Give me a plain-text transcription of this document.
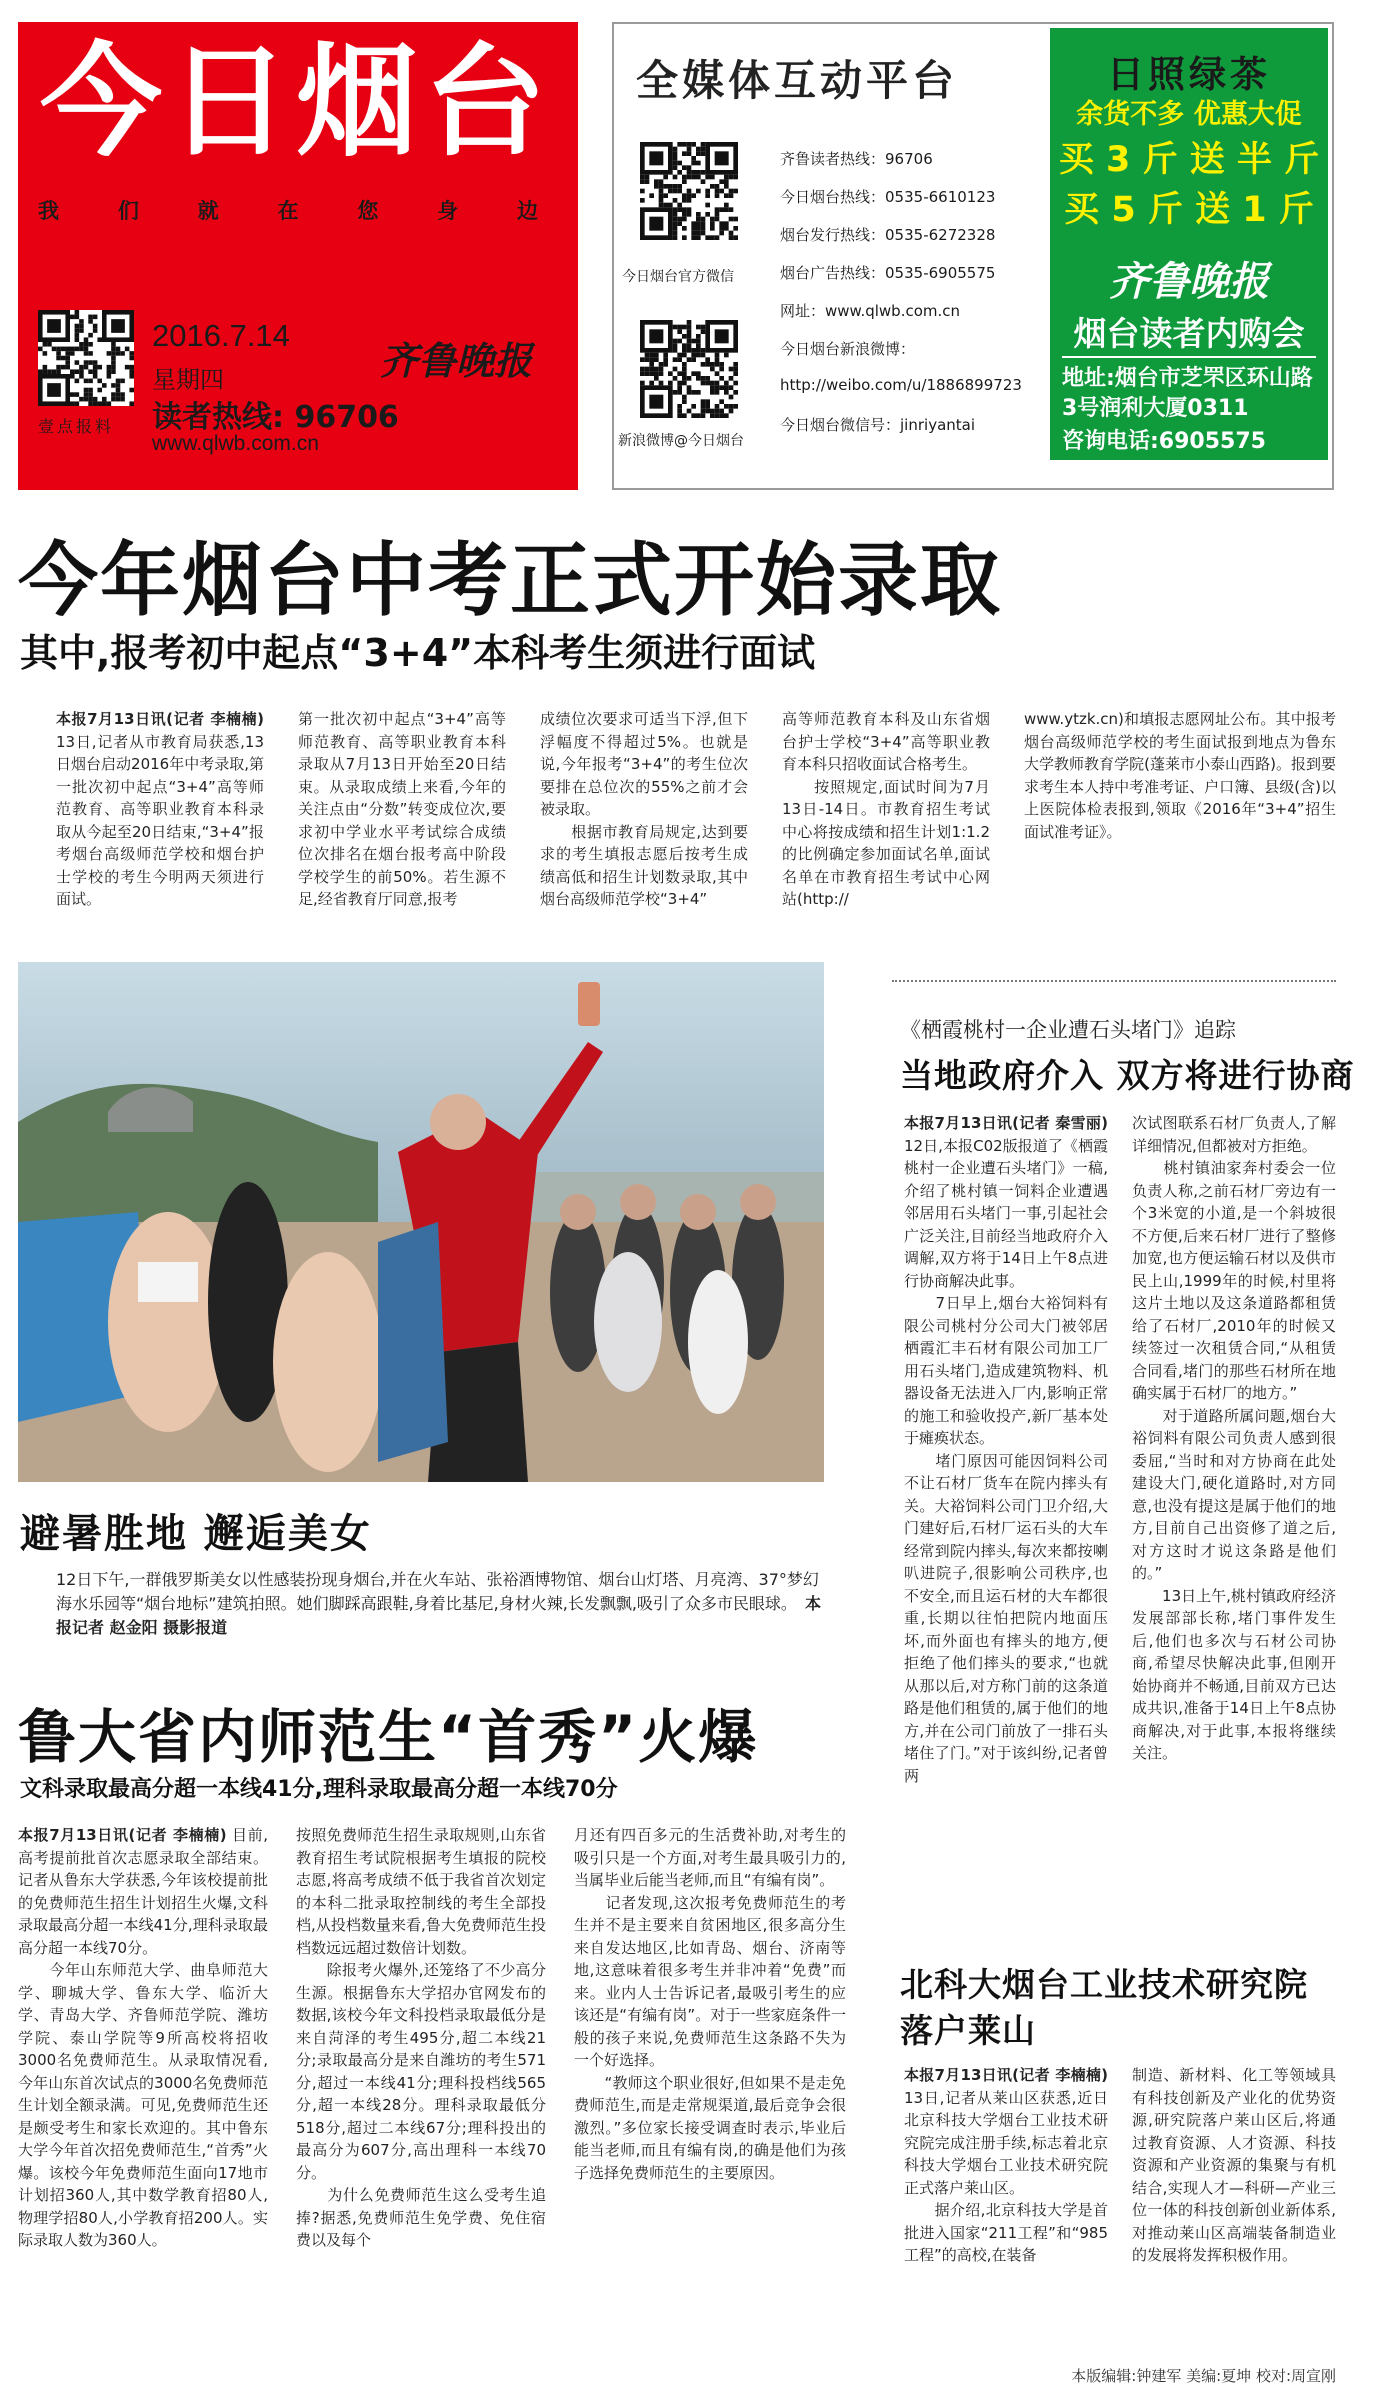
今日烟台
我	们	就	在	您	身	边
壹点报料
2016.7.14
星期四
读者热线: 96706
www.qlwb.com.cn
齐鲁晚报
全媒体互动平台
今日烟台官方微信
新浪微博@今日烟台
齐鲁读者热线：96706
今日烟台热线：0535-6610123
烟台发行热线：0535-6272328
烟台广告热线：0535-6905575
网址：www.qlwb.com.cn
今日烟台新浪微博：
http://weibo.com/u/1886899723
今日烟台微信号：jinriyantai
日照绿茶
余货不多 优惠大促
买 3 斤 送 半 斤
买 5 斤 送 1 斤
齐鲁晚报
烟台读者内购会
地址:烟台市芝罘区环山路3号润利大厦0311
咨询电话:6905575
今年烟台中考正式开始录取
其中,报考初中起点“3+4”本科考生须进行面试
本报7月13日讯(记者 李楠楠) 13日,记者从市教育局获悉,13日烟台启动2016年中考录取,第一批次初中起点“3+4”高等师范教育、高等职业教育本科录取从今起至20日结束,“3+4”报考烟台高级师范学校和烟台护士学校的考生今明两天须进行面试。
第一批次初中起点“3+4”高等师范教育、高等职业教育本科录取从7月13日开始至20日结束。从录取成绩上来看,今年的关注点由“分数”转变成位次,要求初中学业水平考试综合成绩位次排名在烟台报考高中阶段学校学生的前50%。若生源不足,经省教育厅同意,报考
成绩位次要求可适当下浮,但下浮幅度不得超过5%。也就是说,今年报考“3+4”的考生位次要排在总位次的55%之前才会被录取。
　　根据市教育局规定,达到要求的考生填报志愿后按考生成绩高低和招生计划数录取,其中烟台高级师范学校“3+4”
高等师范教育本科及山东省烟台护士学校“3+4”高等职业教育本科只招收面试合格考生。
　　按照规定,面试时间为7月13日-14日。市教育招生考试中心将按成绩和招生计划1:1.2的比例确定参加面试名单,面试名单在市教育招生考试中心网站(http://
www.ytzk.cn)和填报志愿网址公布。其中报考烟台高级师范学校的考生面试报到地点为鲁东大学教师教育学院(蓬莱市小泰山西路)。报到要求考生本人持中考准考证、户口簿、县级(含)以上医院体检表报到,领取《2016年“3+4”招生面试准考证》。
避暑胜地 邂逅美女
12日下午,一群俄罗斯美女以性感装扮现身烟台,并在火车站、张裕酒博物馆、烟台山灯塔、月亮湾、37°梦幻海水乐园等“烟台地标”建筑拍照。她们脚踩高跟鞋,身着比基尼,身材火辣,长发飘飘,吸引了众多市民眼球。　 本报记者 赵金阳 摄影报道
《栖霞桃村一企业遭石头堵门》追踪
当地政府介入 双方将进行协商
本报7月13日讯(记者 秦雪丽) 12日,本报C02版报道了《栖霞桃村一企业遭石头堵门》一稿,介绍了桃村镇一饲料企业遭遇邻居用石头堵门一事,引起社会广泛关注,目前经当地政府介入调解,双方将于14日上午8点进行协商解决此事。
　　7日早上,烟台大裕饲料有限公司桃村分公司大门被邻居栖霞汇丰石材有限公司加工厂用石头堵门,造成建筑物料、机器设备无法进入厂内,影响正常的施工和验收投产,新厂基本处于瘫痪状态。
　　堵门原因可能因饲料公司不让石材厂货车在院内摔头有关。大裕饲料公司门卫介绍,大门建好后,石材厂运石头的大车经常到院内摔头,每次来都按喇叭进院子,很影响公司秩序,也不安全,而且运石材的大车都很重,长期以往怕把院内地面压坏,而外面也有摔头的地方,便拒绝了他们摔头的要求,“也就从那以后,对方称门前的这条道路是他们租赁的,属于他们的地方,并在公司门前放了一排石头堵住了门。”对于该纠纷,记者曾两
次试图联系石材厂负责人,了解详细情况,但都被对方拒绝。
　　桃村镇油家奔村委会一位负责人称,之前石材厂旁边有一个3米宽的小道,是一个斜坡很不方便,后来石材厂进行了整修加宽,也方便运输石材以及供市民上山,1999年的时候,村里将这片土地以及这条道路都租赁给了石材厂,2010年的时候又续签过一次租赁合同,“从租赁合同看,堵门的那些石材所在地确实属于石材厂的地方。”
　　对于道路所属问题,烟台大裕饲料有限公司负责人感到很委屈,“当时和对方协商在此处建设大门,硬化道路时,对方同意,也没有提这是属于他们的地方,目前自己出资修了道之后,对方这时才说这条路是他们的。”
　　13日上午,桃村镇政府经济发展部部长称,堵门事件发生后,他们也多次与石材公司协商,希望尽快解决此事,但刚开始协商并不畅通,目前双方已达成共识,准备于14日上午8点协商解决,对于此事,本报将继续关注。
鲁大省内师范生“首秀”火爆
文科录取最高分超一本线41分,理科录取最高分超一本线70分
本报7月13日讯(记者 李楠楠) 目前,高考提前批首次志愿录取全部结束。记者从鲁东大学获悉,今年该校提前批的免费师范生招生计划招生火爆,文科录取最高分超一本线41分,理科录取最高分超一本线70分。
　　今年山东师范大学、曲阜师范大学、聊城大学、鲁东大学、临沂大学、青岛大学、齐鲁师范学院、潍坊学院、泰山学院等9所高校将招收3000名免费师范生。从录取情况看,今年山东首次试点的3000名免费师范生计划全额录满。可见,免费师范生还是颇受考生和家长欢迎的。其中鲁东大学今年首次招免费师范生,“首秀”火爆。该校今年免费师范生面向17地市计划招360人,其中数学教育招80人,物理学招80人,小学教育招200人。实际录取人数为360人。
按照免费师范生招生录取规则,山东省教育招生考试院根据考生填报的院校志愿,将高考成绩不低于我省首次划定的本科二批录取控制线的考生全部投档,从投档数量来看,鲁大免费师范生投档数远远超过数倍计划数。
　　除报考火爆外,还笼络了不少高分生源。根据鲁东大学招办官网发布的数据,该校今年文科投档录取最低分是来自菏泽的考生495分,超二本线21分;录取最高分是来自潍坊的考生571分,超过一本线41分;理科投档线565分,超一本线28分。理科录取最低分518分,超过二本线67分;理科投出的最高分为607分,高出理科一本线70分。
　　为什么免费师范生这么受考生追捧?据悉,免费师范生免学费、免住宿费以及每个
月还有四百多元的生活费补助,对考生的吸引只是一个方面,对考生最具吸引力的,当属毕业后能当老师,而且“有编有岗”。
　　记者发现,这次报考免费师范生的考生并不是主要来自贫困地区,很多高分生来自发达地区,比如青岛、烟台、济南等地,这意味着很多考生并非冲着“免费”而来。业内人士告诉记者,最吸引考生的应该还是“有编有岗”。对于一些家庭条件一般的孩子来说,免费师范生这条路不失为一个好选择。
　　“教师这个职业很好,但如果不是走免费师范生,而是走常规渠道,最后竞争会很激烈。”多位家长接受调查时表示,毕业后能当老师,而且有编有岗,的确是他们为孩子选择免费师范生的主要原因。
北科大烟台工业技术研究院落户莱山
本报7月13日讯(记者 李楠楠) 13日,记者从莱山区获悉,近日北京科技大学烟台工业技术研究院完成注册手续,标志着北京科技大学烟台工业技术研究院正式落户莱山区。
　　据介绍,北京科技大学是首批进入国家“211工程”和“985工程”的高校,在装备
制造、新材料、化工等领域具有科技创新及产业化的优势资源,研究院落户莱山区后,将通过教育资源、人才资源、科技资源和产业资源的集聚与有机结合,实现人才—科研—产业三位一体的科技创新创业新体系,对推动莱山区高端装备制造业的发展将发挥积极作用。
本版编辑:钟建军 美编:夏坤 校对:周宣刚
